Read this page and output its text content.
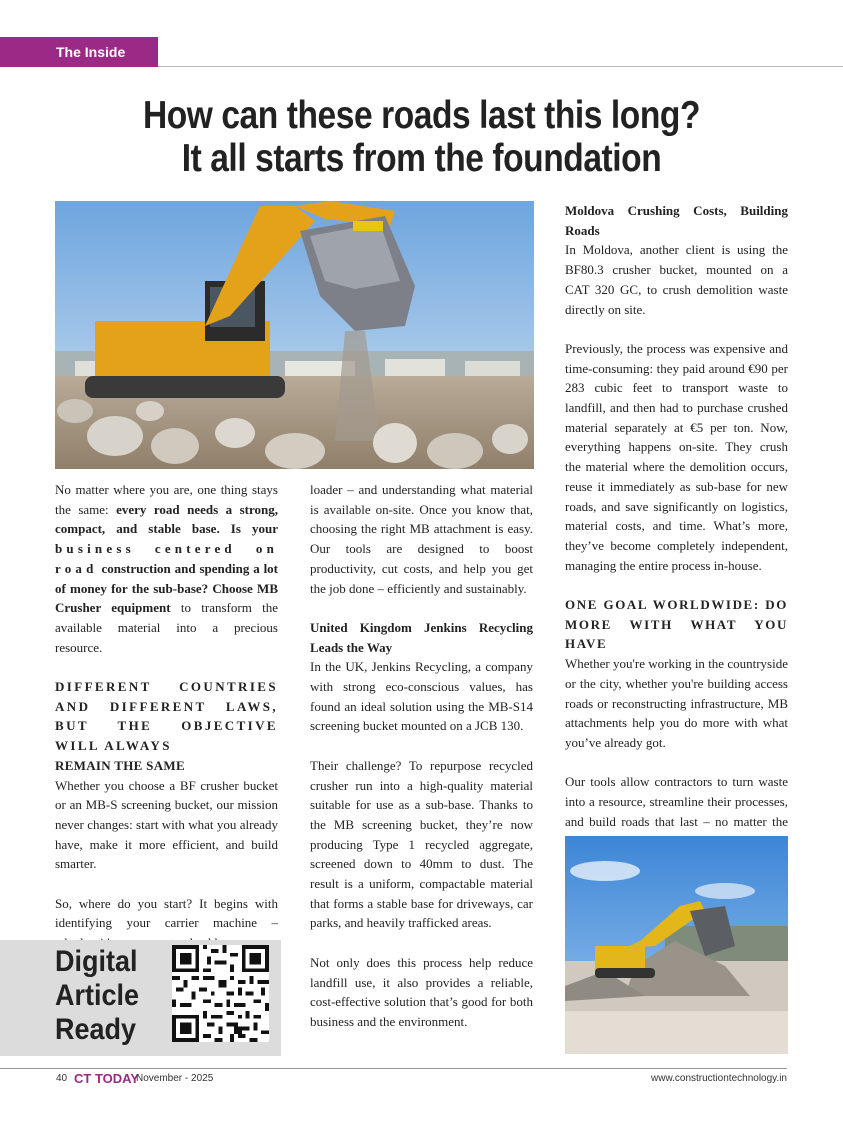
The Inside Story
How can these roads last this long?
It all starts from the foundation

No matter where you are, one thing stays the same: every road needs a strong, compact, and stable base. Is your business centered on road construction and spending a lot of money for the sub-base? Choose MB Crusher equipment to transform the available material into a precious resource.

DIFFERENT COUNTRIES AND DIFFERENT LAWS, BUT THE OBJECTIVE WILL ALWAYS
REMAIN THE SAME

Whether you choose a BF crusher bucket or an MB-S screening bucket, our mission never changes: start with what you already have, make it more efficient, and build smarter.

So, where do you start? It begins with identifying your carrier machine –

loader – and understanding what material is available on-site. Once you know that, choosing the right MB attachment is easy. Our tools are designed to boost productivity, cut costs, and help you get the job done – efficiently and sustainably.

United Kingdom Jenkins Recycling Leads the Way

In the UK, Jenkins Recycling, a company with strong eco-conscious values, has found an ideal solution using the MB-S14 screening bucket mounted on a JCB 130.

Their challenge? To repurpose recycled crusher run into a high-quality material suitable for use as a sub-base. Thanks to the MB screening bucket, they’re now producing Type 1 recycled aggregate, screened down to 40mm to dust. The result is a uniform, compactable material that forms a stable base for driveways, car parks, and heavily trafficked areas.

Not only does this process help reduce landfill use, it also provides a reliable, cost-effective solution that’s good for both business and the environment.

Moldova Crushing Costs, Building Roads

In Moldova, another client is using the BF80.3 crusher bucket, mounted on a CAT 320 GC, to crush demolition waste directly on site.

Previously, the process was expensive and time-consuming: they paid around €90 per 283 cubic feet to transport waste to landfill, and then had to purchase crushed material separately at €5 per ton. Now, everything happens on-site. They crush the material where the demolition occurs, reuse it immediately as sub-base for new roads, and save significantly on logistics, material costs, and time. What’s more, they’ve become completely independent, managing the entire process in-house.

ONE GOAL WORLDWIDE: DO MORE WITH WHAT YOU HAVE

Whether you're working in the countryside or the city, whether you're building access roads or reconstructing infrastructure, MB attachments help you do more with what you’ve already got.

Our tools allow contractors to turn waste into a resource, streamline their processes, and build roads that last – no matter the

Digital
Article
Ready
40 CT TODAY
November - 2025	www.constructiontechnology.in
